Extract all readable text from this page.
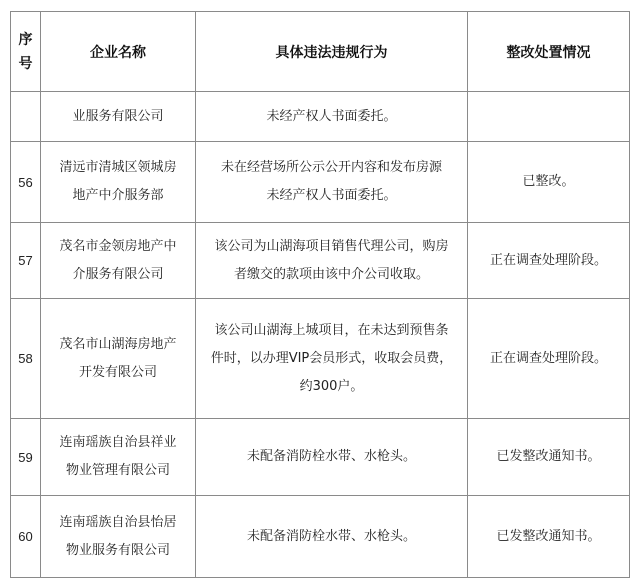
序
号	企业名称	具体违法违规行为	整改处置情况

	业服务有限公司	未经产权人书面委托。	

56	清远市清城区领城房
地产中介服务部	未在经营场所公示公开内容和发布房源
未经产权人书面委托。	已整改。
57	茂名市金领房地产中
介服务有限公司	该公司为山湖海项目销售代理公司，购房
者缴交的款项由该中介公司收取。	正在调查处理阶段。
58	茂名市山湖海房地产
开发有限公司	该公司山湖海上城项目，在未达到预售条
件时，以办理VIP会员形式，收取会员费，
约300户。	正在调查处理阶段。
59	连南瑶族自治县祥业
物业管理有限公司	未配备消防栓水带、水枪头。	已发整改通知书。
60	连南瑶族自治县怡居
物业服务有限公司	未配备消防栓水带、水枪头。	已发整改通知书。
